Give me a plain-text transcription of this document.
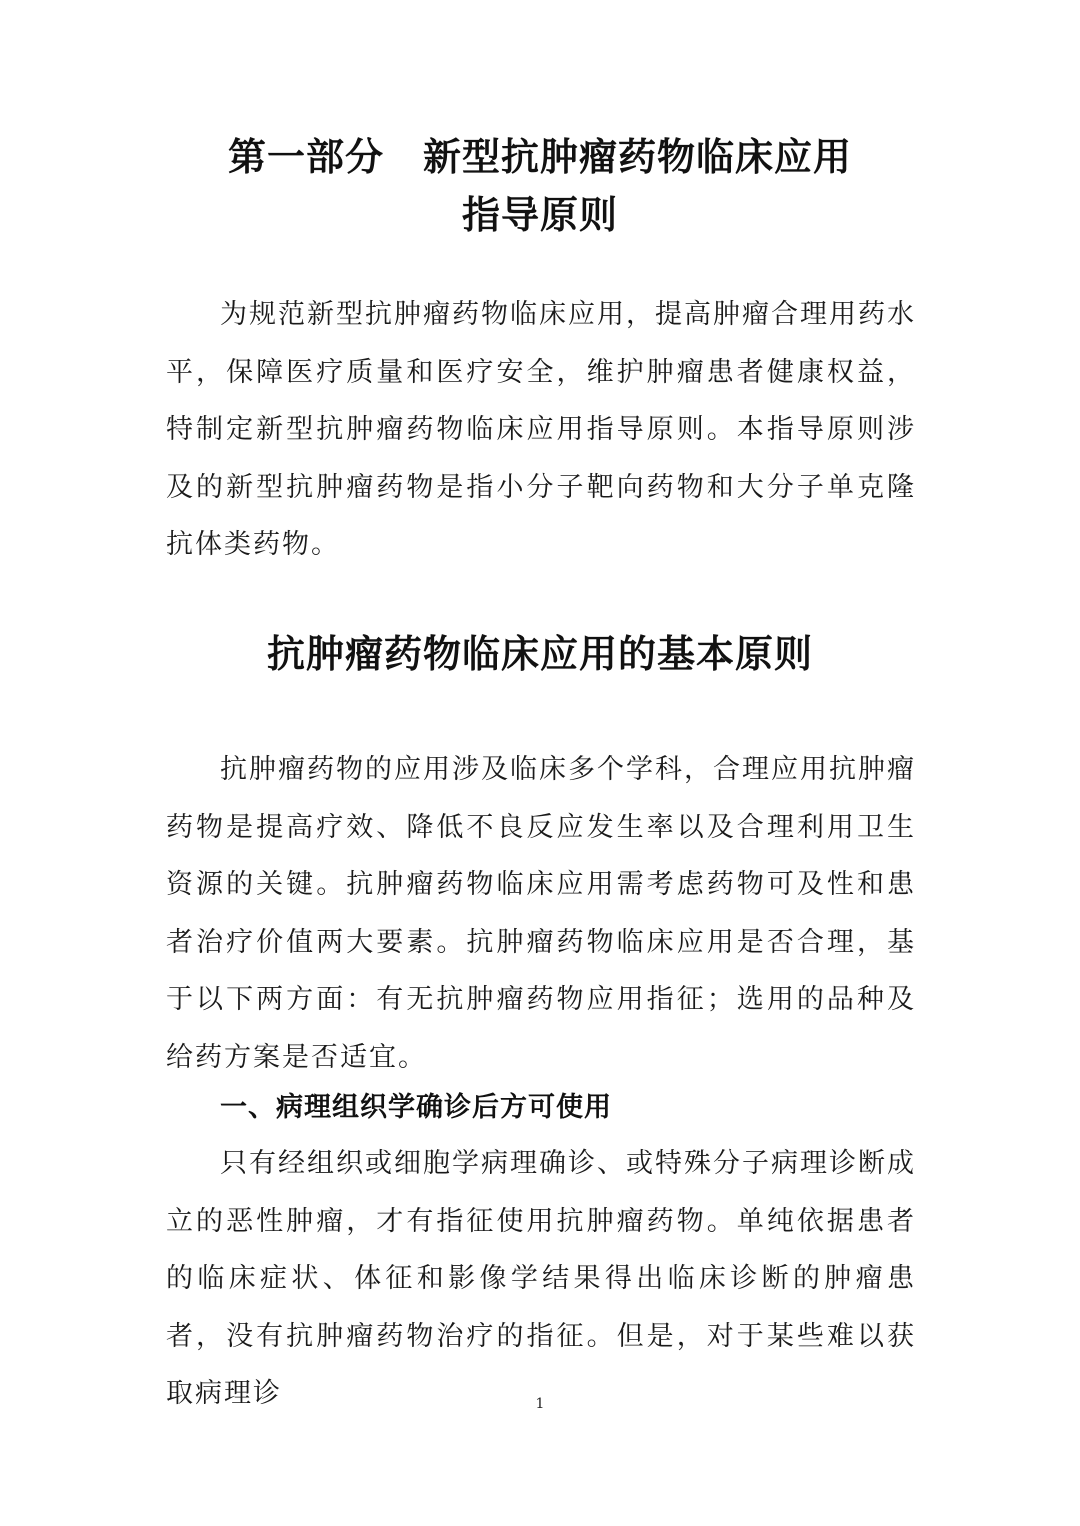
第一部分　新型抗肿瘤药物临床应用
指导原则

为规范新型抗肿瘤药物临床应用，提高肿瘤合理用药水平，保障医疗质量和医疗安全，维护肿瘤患者健康权益，特制定新型抗肿瘤药物临床应用指导原则。本指导原则涉及的新型抗肿瘤药物是指小分子靶向药物和大分子单克隆抗体类药物。

抗肿瘤药物临床应用的基本原则

抗肿瘤药物的应用涉及临床多个学科，合理应用抗肿瘤药物是提高疗效、降低不良反应发生率以及合理利用卫生资源的关键。抗肿瘤药物临床应用需考虑药物可及性和患者治疗价值两大要素。抗肿瘤药物临床应用是否合理，基于以下两方面：有无抗肿瘤药物应用指征；选用的品种及给药方案是否适宜。

一、病理组织学确诊后方可使用

只有经组织或细胞学病理确诊、或特殊分子病理诊断成立的恶性肿瘤，才有指征使用抗肿瘤药物。单纯依据患者的临床症状、体征和影像学结果得出临床诊断的肿瘤患者，没有抗肿瘤药物治疗的指征。但是，对于某些难以获取病理诊	1
